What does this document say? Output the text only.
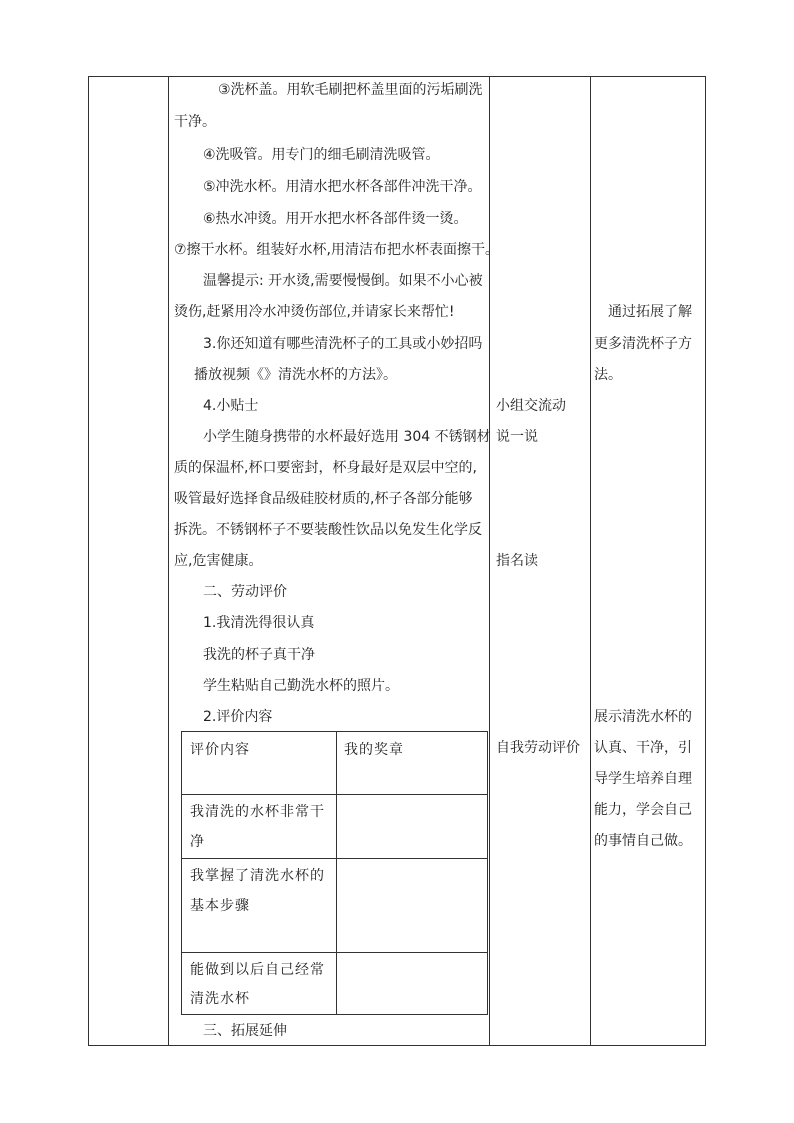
③洗杯盖。用软毛刷把杯盖里面的污垢刷洗
干净。
④洗吸管。用专门的细毛刷清洗吸管。
⑤冲洗水杯。用清水把水杯各部件冲洗干净。
⑥热水冲烫。用开水把水杯各部件烫一烫。
⑦擦干水杯。组装好水杯,用清洁布把水杯表面擦干。
温馨提示: 开水烫,需要慢慢倒。如果不小心被
烫伤,赶紧用冷水冲烫伤部位,并请家长来帮忙!
3.你还知道有哪些清洗杯子的工具或小妙招吗
播放视频《》清洗水杯的方法》。
4.小贴士
小学生随身携带的水杯最好选用 304 不锈钢材
质的保温杯,杯口要密封，杯身最好是双层中空的,
吸管最好选择食品级硅胶材质的,杯子各部分能够
拆洗。不锈钢杯子不要装酸性饮品以免发生化学反
应,危害健康。
二、劳动评价
1.我清洗得很认真
我洗的杯子真干净
学生粘贴自己勤洗水杯的照片。
2.评价内容
三、拓展延伸
评价内容	我的奖章
我清洗的水杯非常干
净
我掌握了清洗水杯的
基本步骤
能做到以后自己经常
清洗水杯
小组交流动
说一说
指名读
自我劳动评价
通过拓展了解
更多清洗杯子方
法。
展示清洗水杯的
认真、干净，引
导学生培养自理
能力，学会自己
的事情自己做。
